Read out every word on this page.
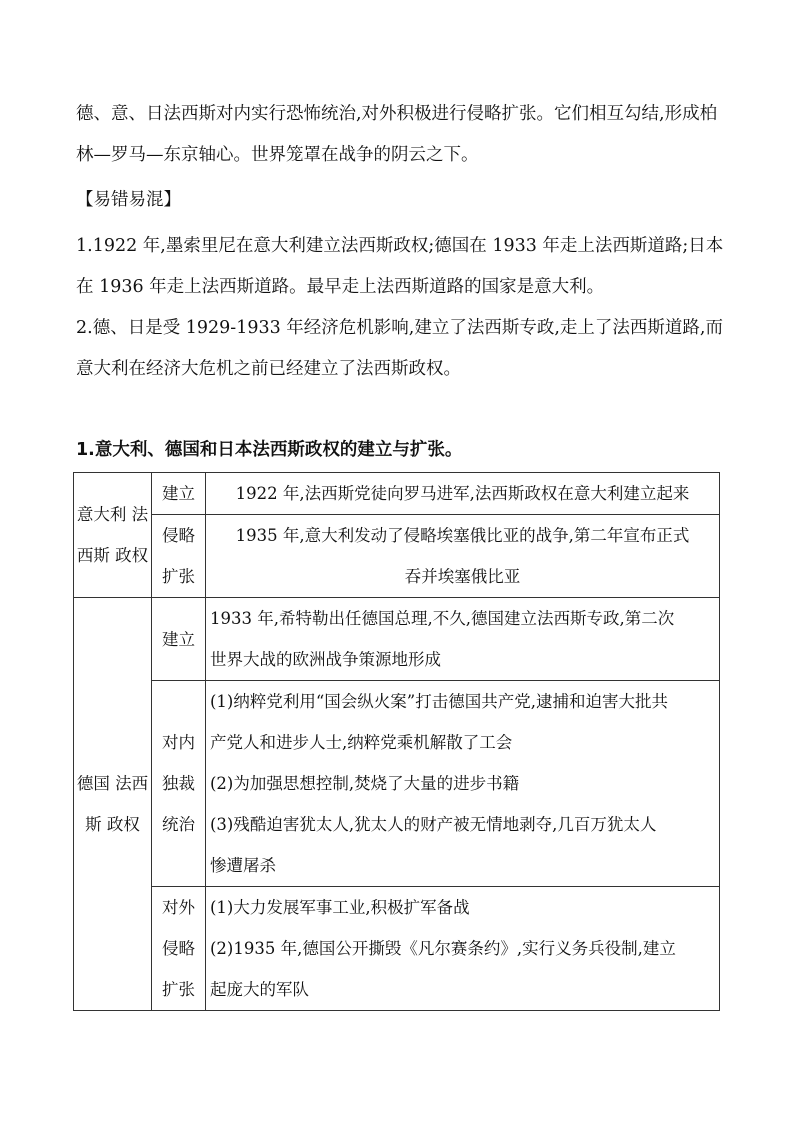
德、意、日法西斯对内实行恐怖统治,对外积极进行侵略扩张。它们相互勾结,形成柏林—罗马—东京轴心。世界笼罩在战争的阴云之下。

【易错易混】

1.1922 年,墨索里尼在意大利建立法西斯政权;德国在 1933 年走上法西斯道路;日本在 1936 年走上法西斯道路。最早走上法西斯道路的国家是意大利。

2.德、日是受 1929-1933 年经济危机影响,建立了法西斯专政,走上了法西斯道路,而意大利在经济大危机之前已经建立了法西斯政权。

1.意大利、德国和日本法西斯政权的建立与扩张。
意大利 法西斯 政权	建立	1922 年,法西斯党徒向罗马进军,法西斯政权在意大利建立起来

	侵略 扩张	1935 年,意大利发动了侵略埃塞俄比亚的战争,第二年宣布正式
吞并埃塞俄比亚

德国 法西斯 政权	建立	1933 年,希特勒出任德国总理,不久,德国建立法西斯专政,第二次
世界大战的欧洲战争策源地形成

	对内 独裁 统治	(1)纳粹党利用“国会纵火案”打击德国共产党,逮捕和迫害大批共
产党人和进步人士,纳粹党乘机解散了工会
(2)为加强思想控制,焚烧了大量的进步书籍
(3)残酷迫害犹太人,犹太人的财产被无情地剥夺,几百万犹太人
惨遭屠杀

	对外 侵略 扩张	(1)大力发展军事工业,积极扩军备战
(2)1935 年,德国公开撕毁《凡尔赛条约》,实行义务兵役制,建立
起庞大的军队
